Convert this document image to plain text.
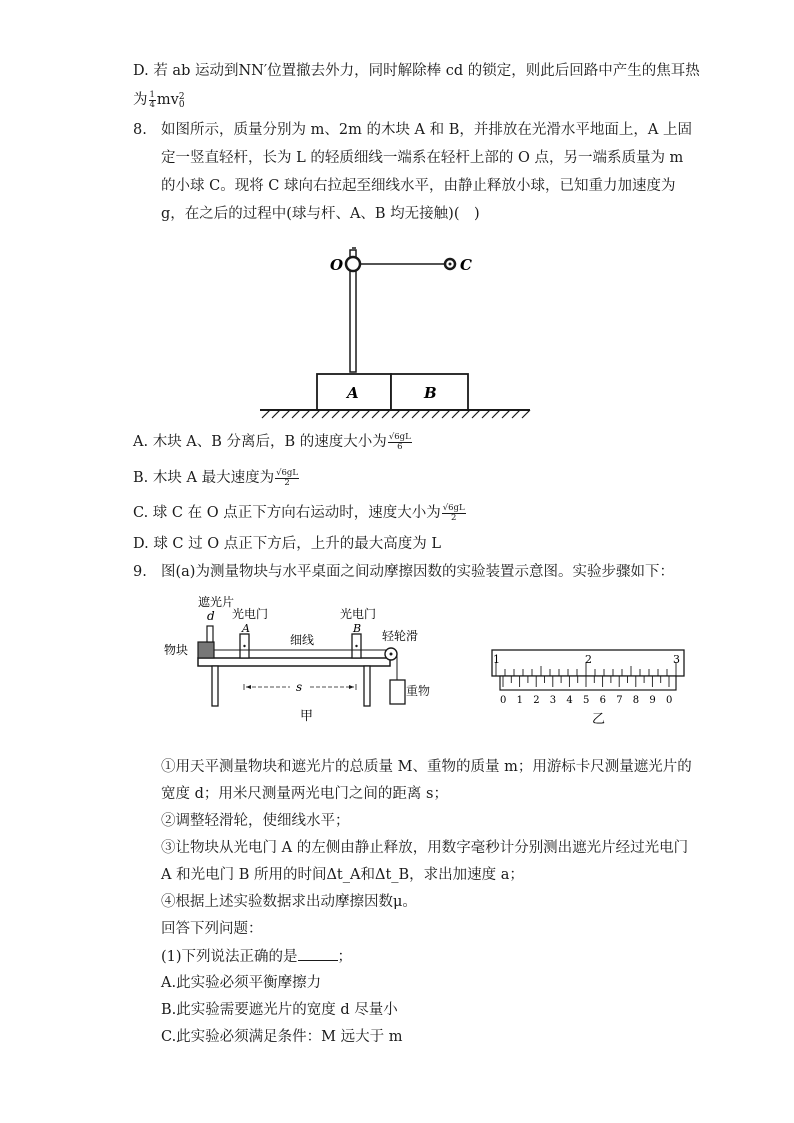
D. 若 ab 运动到NN′位置撤去外力，同时解除棒 cd 的锁定，则此后回路中产生的焦耳热
为 $\frac{1}{4}$ mv 2
0
8. 如图所示，质量分别为 m、2m 的木块 A 和 B，并排放在光滑水平地面上，A 上固
定一竖直轻杆，长为 L 的轻质细线一端系在轻杆上部的 O 点，另一端系质量为 m
的小球 C。现将 C 球向右拉起至细线水平，由静止释放小球，已知重力加速度为
g，在之后的过程中(球与杆、A、B 均无接触)(　)
O	C
A	B
A. 木块 A、B 分离后，B 的速度大小为 $\frac{√6gL}{6}$
B. 木块 A 最大速度为 $\frac{√6gL}{2}$
C. 球 C 在 O 点正下方向右运动时，速度大小为 $\frac{√6gL}{2}$
D. 球 C 过 O 点正下方后，上升的最大高度为 L
9. 图(a)为测量物块与水平桌面之间动摩擦因数的实验装置示意图。实验步骤如下：
s
遮光片
d 光电门
A
光电门
B
细线	轻轮滑
物块
甲
重物
1	2	3
0 1 2 3 4 5 6 7 8 9 0
乙
①用天平测量物块和遮光片的总质量 M、重物的质量 m；用游标卡尺测量遮光片的
宽度 d；用米尺测量两光电门之间的距离 s；
②调整轻滑轮，使细线水平；
③让物块从光电门 A 的左侧由静止释放，用数字毫秒计分别测出遮光片经过光电门
A 和光电门 B 所用的时间Δt_A和Δt_B，求出加速度 a；
④根据上述实验数据求出动摩擦因数μ。
回答下列问题：
(1)下列说法正确的是	；
A.此实验必须平衡摩擦力
B.此实验需要遮光片的宽度 d 尽量小
C.此实验必须满足条件：M 远大于 m
